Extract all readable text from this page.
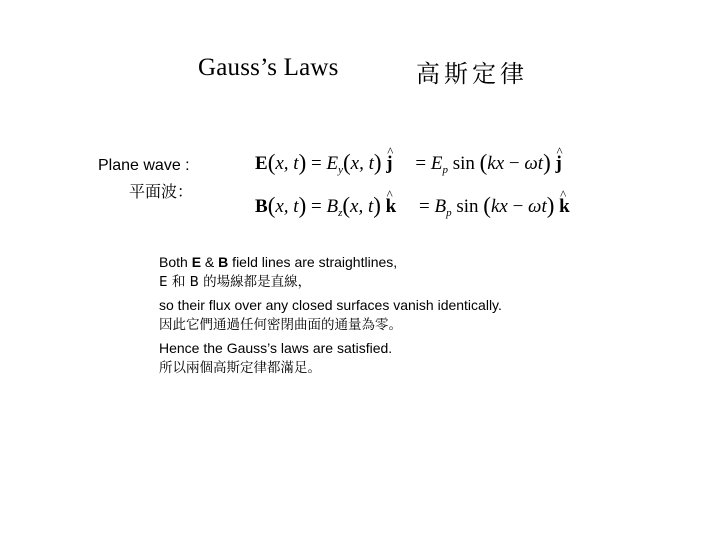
Gauss’s Laws	高斯定律
Plane wave :
平面波：
E(x, $t) = E_y(x$, t) ^ $j = E_p$ sin (kx − ωt) ^ j
B(x, $t) = B_z(x$, t) ^ $k = B_p$ sin (kx − ωt) ^ k
Both E & B field lines are straightlines,
E 和 B 的場線都是直線，
so their flux over any closed surfaces vanish identically.
因此它們通過任何密閉曲面的通量為零。
Hence the Gauss’s laws are satisfied.
所以兩個高斯定律都滿足。
